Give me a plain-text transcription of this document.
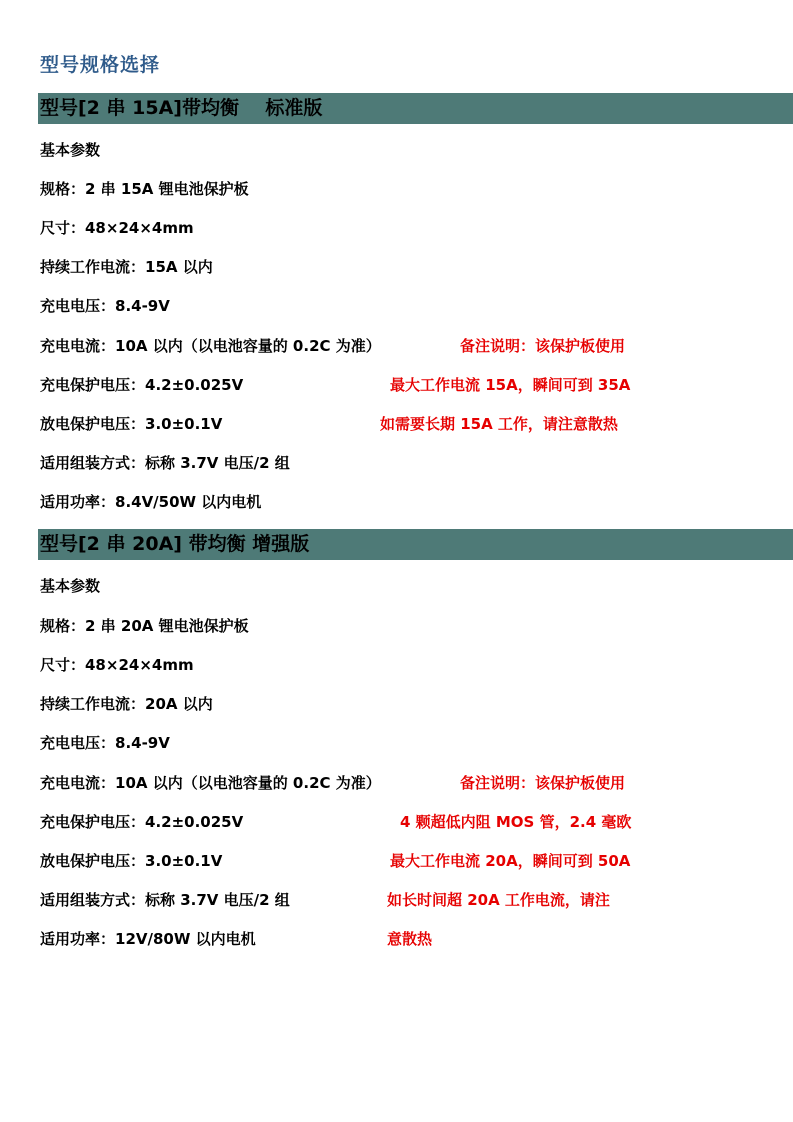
型号规格选择
型号[2 串 15A]带均衡    标准版
基本参数
规格：2 串 15A 锂电池保护板
尺寸：48×24×4mm
持续工作电流：15A 以内
充电电压：8.4-9V
充电电流：10A 以内（以电池容量的 0.2C 为准）
充电保护电压：4.2±0.025V
放电保护电压：3.0±0.1V
适用组装方式：标称 3.7V 电压/2 组
适用功率：8.4V/50W 以内电机
备注说明：该保护板使用
最大工作电流 15A，瞬间可到 35A
如需要长期 15A 工作，请注意散热
型号[2 串 20A] 带均衡 增强版
基本参数
规格：2 串 20A 锂电池保护板
尺寸：48×24×4mm
持续工作电流：20A 以内
充电电压：8.4-9V
充电电流：10A 以内（以电池容量的 0.2C 为准）
充电保护电压：4.2±0.025V
放电保护电压：3.0±0.1V
适用组装方式：标称 3.7V 电压/2 组
适用功率：12V/80W 以内电机
备注说明：该保护板使用
4 颗超低内阻 MOS 管，2.4 毫欧
最大工作电流 20A，瞬间可到 50A
如长时间超 20A 工作电流，请注
意散热
